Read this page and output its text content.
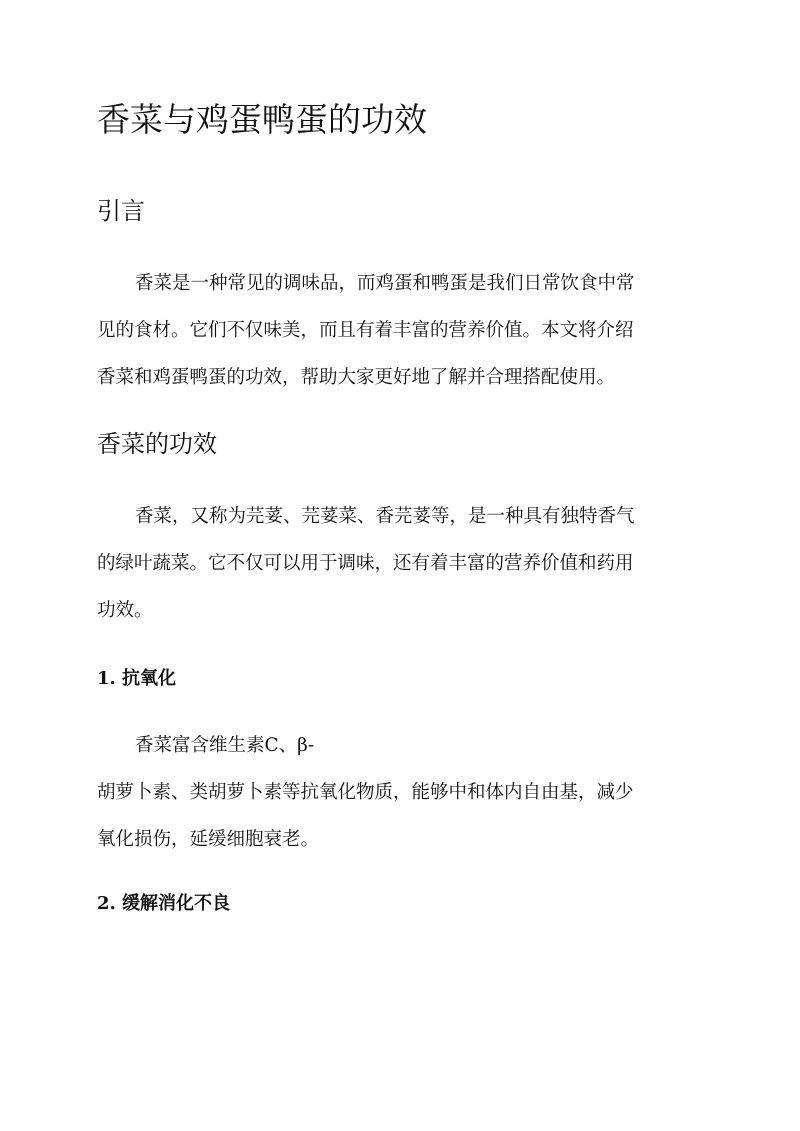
香菜与鸡蛋鸭蛋的功效
引言
香菜是一种常见的调味品，而鸡蛋和鸭蛋是我们日常饮食中常
见的食材。它们不仅味美，而且有着丰富的营养价值。本文将介绍
香菜和鸡蛋鸭蛋的功效，帮助大家更好地了解并合理搭配使用。
香菜的功效
香菜，又称为芫荽、芫荽菜、香芫荽等，是一种具有独特香气
的绿叶蔬菜。它不仅可以用于调味，还有着丰富的营养价值和药用
功效。
1. 抗氧化
香菜富含维生素C、β-
胡萝卜素、类胡萝卜素等抗氧化物质，能够中和体内自由基，减少
氧化损伤，延缓细胞衰老。
2. 缓解消化不良
